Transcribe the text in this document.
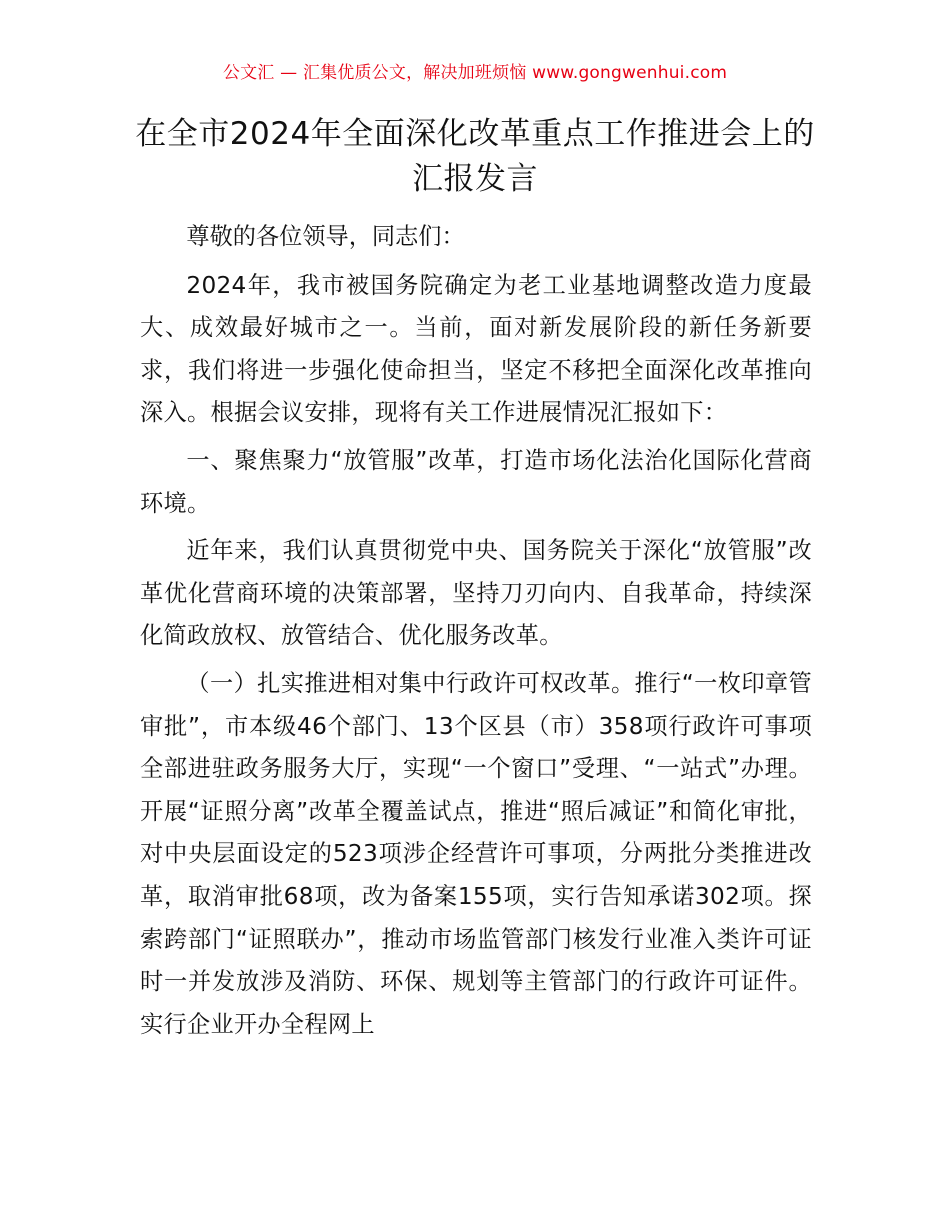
公文汇 — 汇集优质公文，解决加班烦恼 www.gongwenhui.com
在全市2024年全面深化改革重点工作推进会上的汇报发言

尊敬的各位领导，同志们：

2024年，我市被国务院确定为老工业基地调整改造力度最大、成效最好城市之一。当前，面对新发展阶段的新任务新要求，我们将进一步强化使命担当，坚定不移把全面深化改革推向深入。根据会议安排，现将有关工作进展情况汇报如下：

一、聚焦聚力“放管服”改革，打造市场化法治化国际化营商环境。

近年来，我们认真贯彻党中央、国务院关于深化“放管服”改革优化营商环境的决策部署，坚持刀刃向内、自我革命，持续深化简政放权、放管结合、优化服务改革。

（一）扎实推进相对集中行政许可权改革。推行“一枚印章管审批”，市本级46个部门、13个区县（市）358项行政许可事项全部进驻政务服务大厅，实现“一个窗口”受理、“一站式”办理。开展“证照分离”改革全覆盖试点，推进“照后减证”和简化审批，对中央层面设定的523项涉企经营许可事项，分两批分类推进改革，取消审批68项，改为备案155项，实行告知承诺302项。探索跨部门“证照联办”，推动市场监管部门核发行业准入类许可证时一并发放涉及消防、环保、规划等主管部门的行政许可证件。实行企业开办全程网上
